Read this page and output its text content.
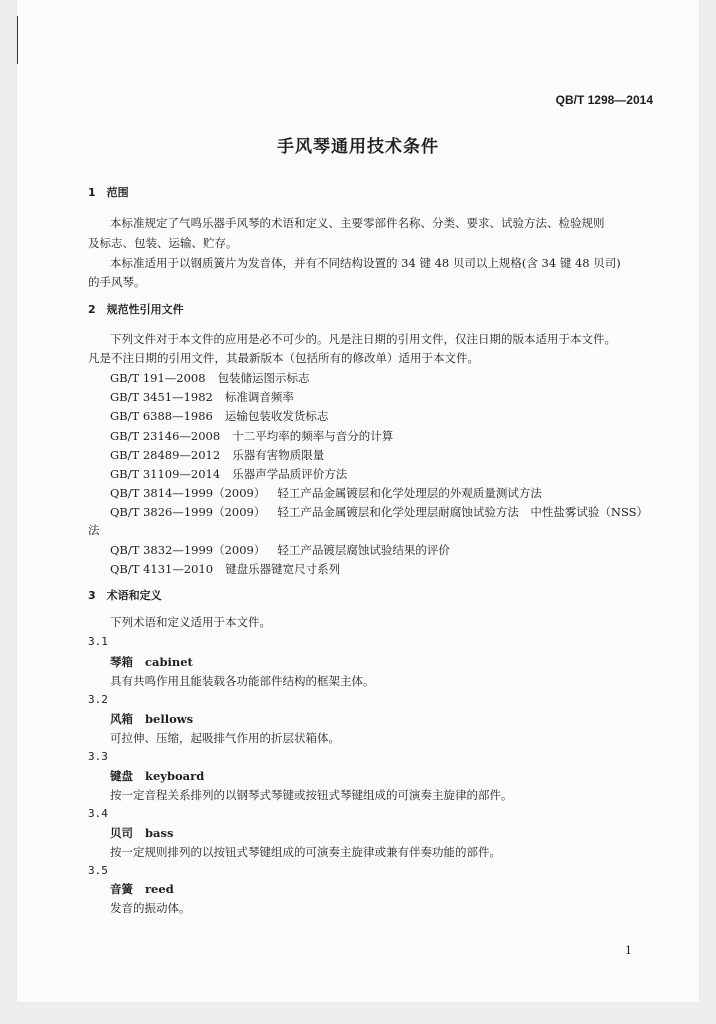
QB/T 1298—2014
手风琴通用技术条件
1　范围
本标准规定了气鸣乐器手风琴的术语和定义、主要零部件名称、分类、要求、试验方法、检验规则
及标志、包装、运输、贮存。
本标准适用于以钢质簧片为发音体，并有不同结构设置的 34 键 48 贝司以上规格(含 34 键 48 贝司)
的手风琴。
2　规范性引用文件
下列文件对于本文件的应用是必不可少的。凡是注日期的引用文件，仅注日期的版本适用于本文件。
凡是不注日期的引用文件，其最新版本（包括所有的修改单）适用于本文件。
GB/T 191—2008 包装储运图示标志
GB/T 3451—1982 标准调音频率
GB/T 6388—1986 运输包装收发货标志
GB/T 23146—2008 十二平均率的频率与音分的计算
GB/T 28489—2012 乐器有害物质限量
GB/T 31109—2014 乐器声学品质评价方法
QB/T 3814—1999（2009） 轻工产品金属镀层和化学处理层的外观质量测试方法
QB/T 3826—1999（2009） 轻工产品金属镀层和化学处理层耐腐蚀试验方法　中性盐雾试验（NSS）
法
QB/T 3832—1999（2009） 轻工产品镀层腐蚀试验结果的评价
QB/T 4131—2010 键盘乐器键宽尺寸系列
3　术语和定义
下列术语和定义适用于本文件。
3.1
琴箱 cabinet
具有共鸣作用且能装载各功能部件结构的框架主体。
3.2
风箱 bellows
可拉伸、压缩，起吸排气作用的折层状箱体。
3.3
键盘 keyboard
按一定音程关系排列的以钢琴式琴键或按钮式琴键组成的可演奏主旋律的部件。
3.4
贝司 bass
按一定规则排列的以按钮式琴键组成的可演奏主旋律或兼有伴奏功能的部件。
3.5
音簧 reed
发音的振动体。
1
